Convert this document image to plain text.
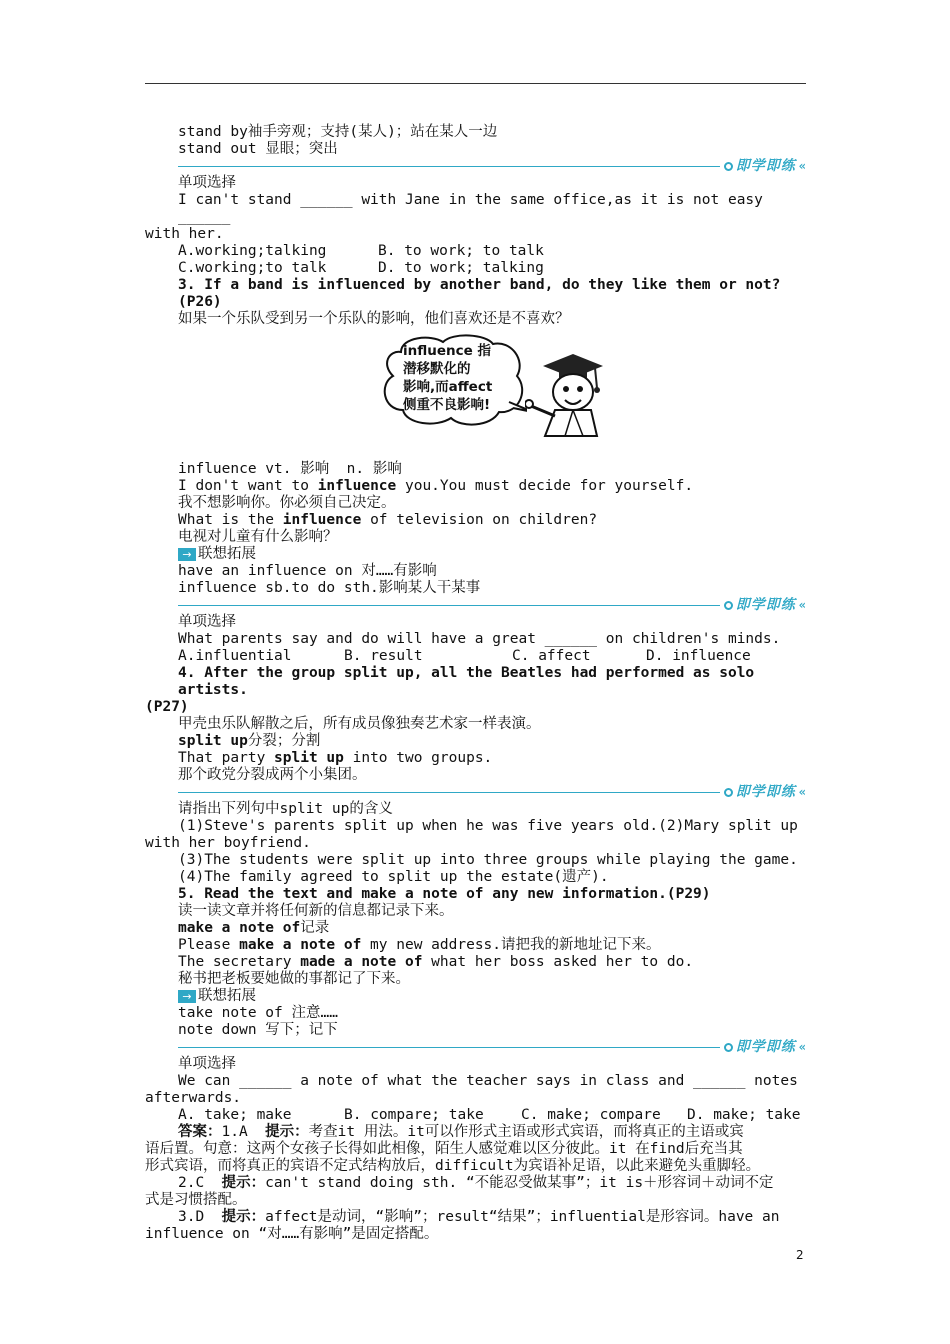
stand by袖手旁观；支持(某人)；站在某人一边

stand out 显眼；突出

即学即练 «

单项选择

I can't stand ______ with Jane in the same office,as it is not easy ______

with her.

A.working;talking	B. to work; to talk
C.working;to talk	D. to work; talking

3. If a band is influenced by another band, do they like them or not?(P26)

如果一个乐队受到另一个乐队的影响，他们喜欢还是不喜欢？

influence 指
潜移默化的
影响,而affect
侧重不良影响!

influence vt. 影响  n. 影响

I don't want to influence you.You must decide for yourself.

我不想影响你。你必须自己决定。

What is the influence of television on children?

电视对儿童有什么影响？

→ 联想拓展

have an influence on 对……有影响

influence sb.to do sth.影响某人干某事

即学即练 «

单项选择

What parents say and do will have a great ______ on children's minds.

A.influential	B. result	C. affect	D. influence

4. After the group split up, all the Beatles had performed as solo artists.

(P27)

甲壳虫乐队解散之后，所有成员像独奏艺术家一样表演。

split up分裂；分割

That party split up into two groups.

那个政党分裂成两个小集团。

即学即练 «

请指出下列句中split up的含义

(1)Steve's parents split up when he was five years old.(2)Mary split up

with her boyfriend.

(3)The students were split up into three groups while playing the game.

(4)The family agreed to split up the estate(遗产).

5. Read the text and make a note of any new information.(P29)

读一读文章并将任何新的信息都记录下来。

make a note of记录

Please make a note of my new address.请把我的新地址记下来。

The secretary made a note of what her boss asked her to do.

秘书把老板要她做的事都记了下来。

→ 联想拓展

take note of 注意……

note down 写下；记下

即学即练 «

单项选择

We can ______ a note of what the teacher says in class and ______ notes

afterwards.

A. take; make	B. compare; take	C. make; compare	D. make; take

答案：1.A  提示：考查it 用法。it可以作形式主语或形式宾语，而将真正的主语或宾

语后置。句意：这两个女孩子长得如此相像，陌生人感觉难以区分彼此。it 在find后充当其

形式宾语，而将真正的宾语不定式结构放后，difficult为宾语补足语，以此来避免头重脚轻。

2.C  提示：can't stand doing sth. “不能忍受做某事”；it is＋形容词＋动词不定

式是习惯搭配。

3.D  提示：affect是动词，“影响”；result“结果”；influential是形容词。have an

influence on “对……有影响”是固定搭配。

2
